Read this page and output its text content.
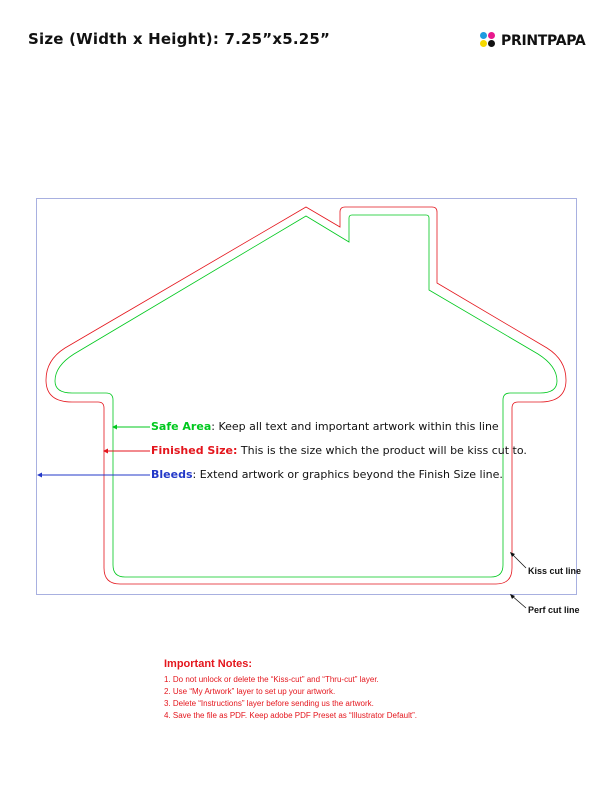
Size (Width x Height): 7.25”x5.25”	PRINTPAPA
Safe Area: Keep all text and important artwork within this line
Finished Size: This is the size which the product will be kiss cut to.
Bleeds: Extend artwork or graphics beyond the Finish Size line.
Kiss cut line
Perf cut line
Important Notes:
1. Do not unlock or delete the “Kiss-cut” and “Thru-cut” layer.
2. Use “My Artwork” layer to set up your artwork.
3. Delete “Instructions” layer before sending us the artwork.
4. Save the file as PDF. Keep adobe PDF Preset as “Illustrator Default”.
